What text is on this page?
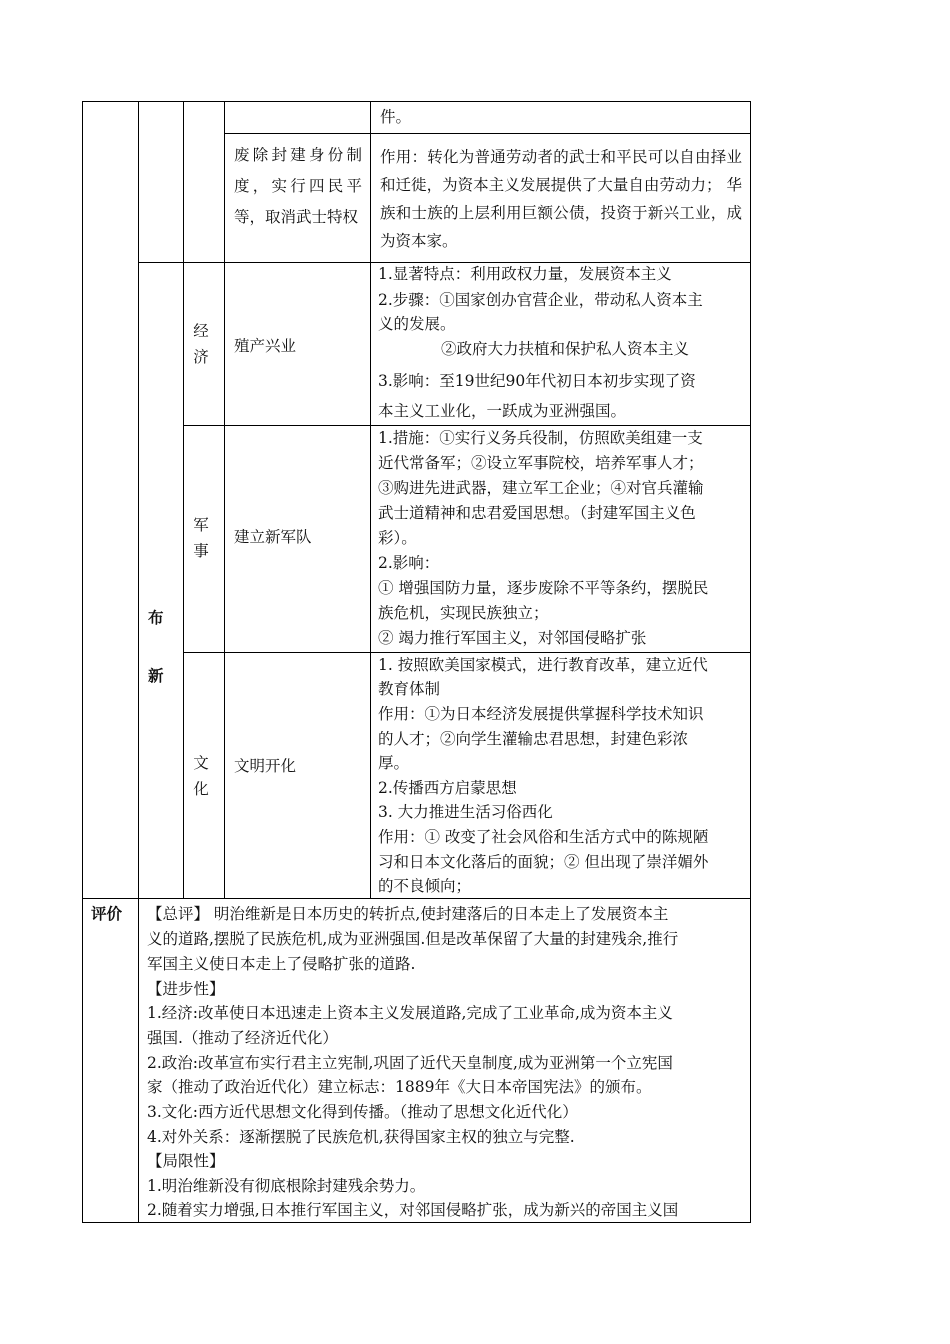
件。
废除封建身份制度，实行四民平等，取消武士特权
作用：转化为普通劳动者的武士和平民可以自由择业和迁徙，为资本主义发展提供了大量自由劳动力； 华族和士族的上层利用巨额公债，投资于新兴工业，成为资本家。
经
济
殖产兴业
1.显著特点：利用政权力量，发展资本主义
2.步骤：①国家创办官营企业，带动私人资本主
义的发展。
②政府大力扶植和保护私人资本主义
3.影响：至19世纪90年代初日本初步实现了资
本主义工业化，一跃成为亚洲强国。
军
事
建立新军队
1.措施：①实行义务兵役制，仿照欧美组建一支
近代常备军；②设立军事院校，培养军事人才；
③购进先进武器，建立军工企业；④对官兵灌输
武士道精神和忠君爱国思想。（封建军国主义色
彩）。
2.影响：
① 增强国防力量，逐步废除不平等条约，摆脱民
族危机，实现民族独立；
② 竭力推行军国主义，对邻国侵略扩张
布
新
文
化
文明开化
1. 按照欧美国家模式，进行教育改革，建立近代
教育体制
作用：①为日本经济发展提供掌握科学技术知识
的人才；②向学生灌输忠君思想，封建色彩浓
厚。
2.传播西方启蒙思想
3. 大力推进生活习俗西化
作用：① 改变了社会风俗和生活方式中的陈规陋
习和日本文化落后的面貌；② 但出现了崇洋媚外
的不良倾向；
评价 【总评】 明治维新是日本历史的转折点,使封建落后的日本走上了发展资本主
义的道路,摆脱了民族危机,成为亚洲强国.但是改革保留了大量的封建残余,推行
军国主义使日本走上了侵略扩张的道路.
【进步性】
1.经济:改革使日本迅速走上资本主义发展道路,完成了工业革命,成为资本主义
强国.（推动了经济近代化）
2.政治:改革宣布实行君主立宪制,巩固了近代天皇制度,成为亚洲第一个立宪国
家（推动了政治近代化）建立标志：1889年《大日本帝国宪法》的颁布。
3.文化:西方近代思想文化得到传播。（推动了思想文化近代化）
4.对外关系：逐渐摆脱了民族危机,获得国家主权的独立与完整.
【局限性】
1.明治维新没有彻底根除封建残余势力。
2.随着实力增强,日本推行军国主义，对邻国侵略扩张，成为新兴的帝国主义国
